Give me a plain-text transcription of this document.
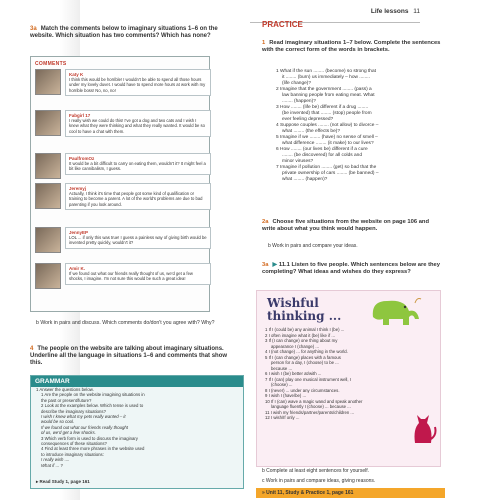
Life lessons 11
3a Match the comments below to imaginary situations 1–6 on the website. Which situation has two comments? Which has none?
COMMENTS
Katy K
I think this would be horrible! I wouldn't be able to spend all those hours under my lovely duvet. I would have to spend more hours at work with my horrible boss! No, no, no!
Fabgirl 17
I really wish we could do this! I've got a dog and two cats and I wish I knew what they were thinking and what they really wanted. It would be so cool to have a chat with them.
PaulfromOz
It would be a bit difficult to carry on eating them, wouldn't it? It might feel a bit like cannibalism, I guess.
Jeremyj
Actually, I think it's time that people got some kind of qualification or training to become a parent. A lot of the world's problems are due to bad parenting if you look around.
JennyEP
LOL ... if only this was true! I guess a painless way of giving birth would be invented pretty quickly, wouldn't it?
Amir K.
If we found out what our friends really thought of us, we'd get a few shocks, I imagine. I'm not sure this would be such a great idea!
b Work in pairs and discuss. Which comments do/don't you agree with? Why?
4 The people on the website are talking about imaginary situations. Underline all the language in situations 1–6 and comments that show this.
GRAMMAR
1 Answer the questions below.
1 Are the people on the website imagining situations in
the past or present/future?
2 Look at the examples below. Which tense is used to
describe the imaginary situations?
I wish I knew what my pets really wanted – it
would be so cool.
If we found out what our friends really thought
of us, we'd get a few shocks.
3 Which verb form is used to discuss the imaginary
consequences of these situations?
4 Find at least three more phrases in the website used
to introduce imaginary situations:
I really wish ....
What if ... ?
▸ Read Study 1, page 161
PRACTICE
1 Read imaginary situations 1–7 below. Complete the sentences with the correct form of the words in brackets.
1 What if the sun ........ (become) so strong that
it ........ (burn) us immediately – how ........
(life change)?
2 Imagine that the government ........ (pass) a
law banning people from eating meat. What
........ (happen)?
3 How ........ (life be) different if a drug ........
(be invented) that ........ (stop) people from
ever feeling depressed?
4 Suppose couples ........ (not allow) to divorce –
what ........ (the effects be)?
5 Imagine if we ........ (have) no sense of smell –
what difference ........ (it make) to our lives?
6 How ........ (our lives be) different if a cure
........ (be discovered) for all colds and
minor viruses?
7 Imagine if pollution ........ (get) so bad that the
private ownership of cars ........ (be banned) –
what ........ (happen)?
2a Choose five situations from the website on page 106 and write about what you think would happen.
b Work in pairs and compare your ideas.
3a ▶ 11.1 Listen to five people. Which sentences below are they completing? What ideas and wishes do they express?
Wishful
thinking ...
1 If I (could be) any animal I think I (be) ...
2 I often imagine what it (be) like if ...
3 If (I can change) one thing about my
appearance I (change) ...
4 I (not change) ... for anything in the world.
5 If I (can change) places with a famous
person for a day, I (choose) to be ...
because ...
6 I wish I (be) better at/with ...
7 If I (can) play one musical instrument well, I
(choose) ...
8 I (never) ... under any circumstances.
9 I wish I (have/be) ...
10 If I (can) wave a magic wand and speak another
language fluently I (choose) ... because ...
11 I wish my friends/partner/parents/children ...
12 I wish/If only ...
b Complete at least eight sentences for yourself.
c Work in pairs and compare ideas, giving reasons.
» Unit 11, Study & Practice 1, page 161
